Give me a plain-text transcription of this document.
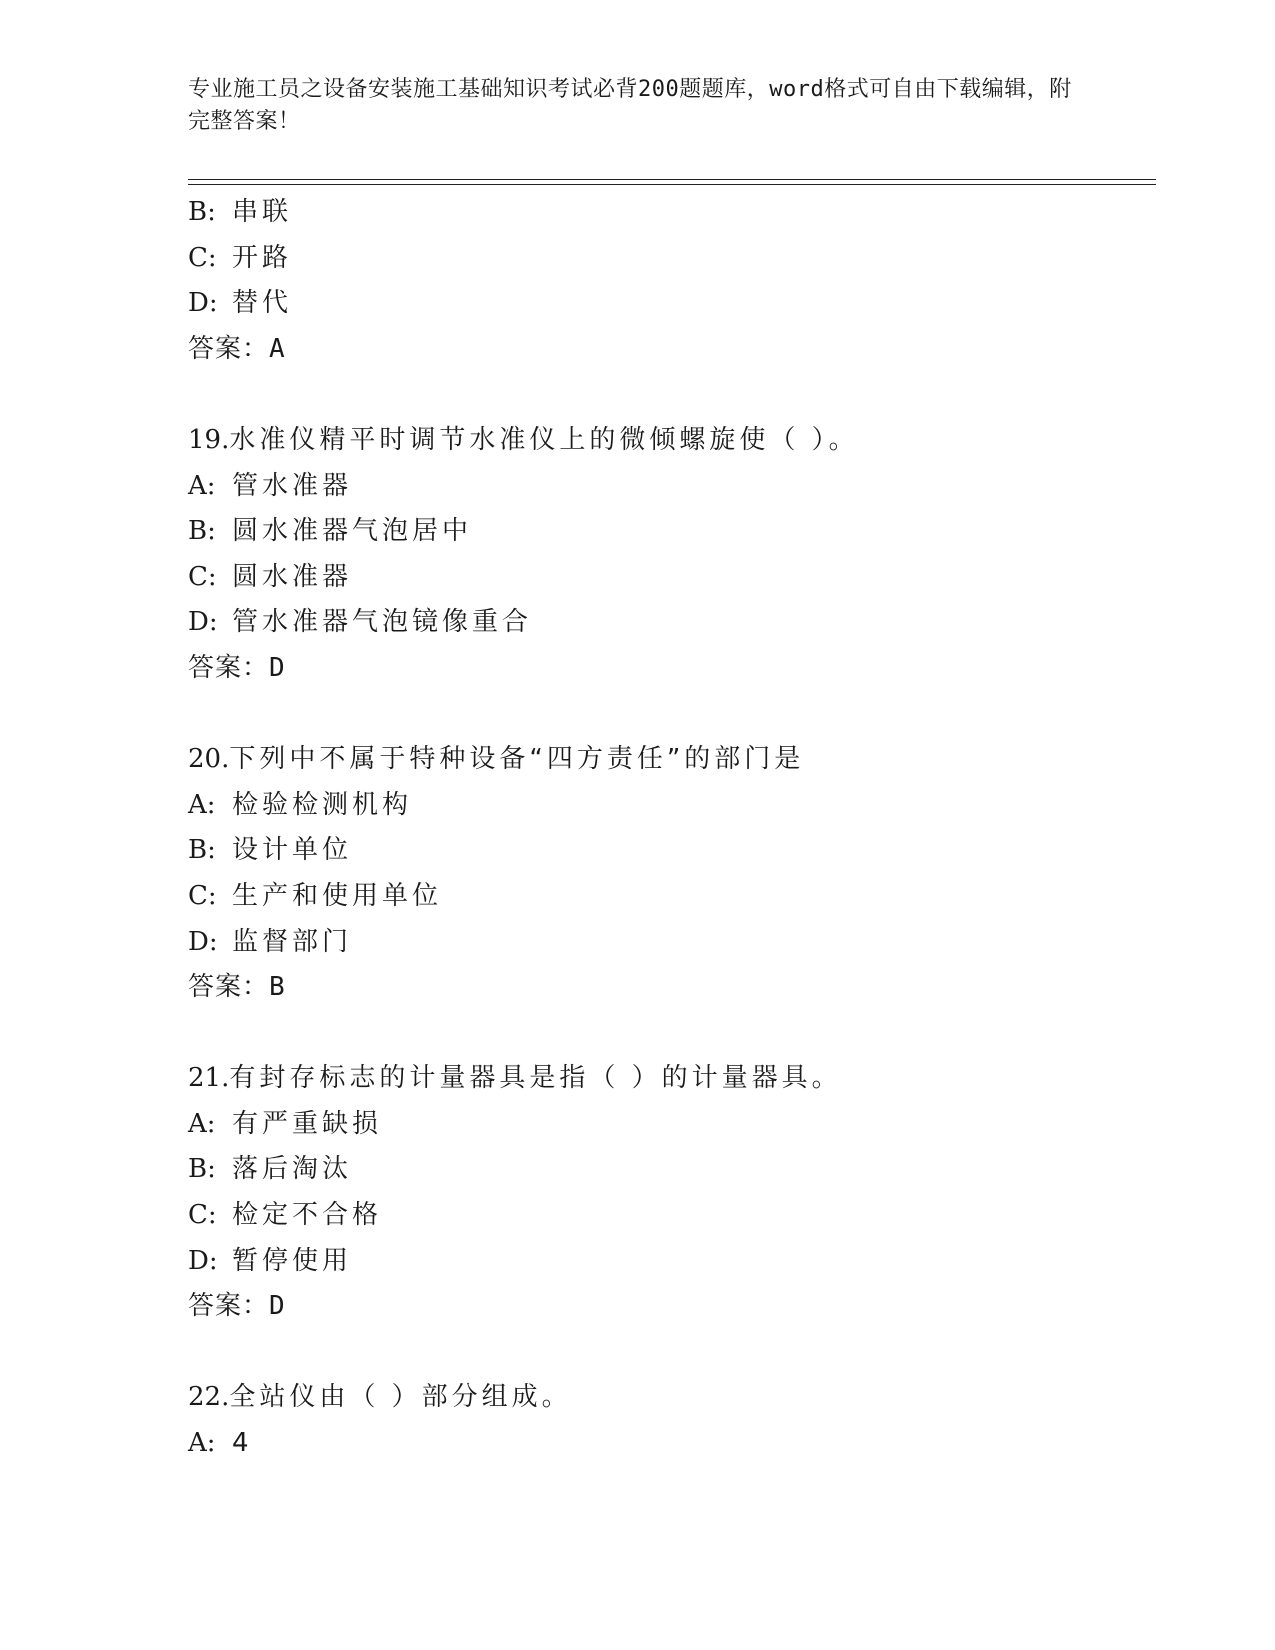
专业施工员之设备安装施工基础知识考试必背200题题库，word格式可自由下载编辑，附完整答案！
B: 串联
C: 开路
D: 替代
答案：A
19.水准仪精平时调节水准仪上的微倾螺旋使（ ）。
A: 管水准器
B: 圆水准器气泡居中
C: 圆水准器
D: 管水准器气泡镜像重合
答案：D
20.下列中不属于特种设备“四方责任”的部门是
A: 检验检测机构
B: 设计单位
C: 生产和使用单位
D: 监督部门
答案：B
21.有封存标志的计量器具是指（ ）的计量器具。
A: 有严重缺损
B: 落后淘汰
C: 检定不合格
D: 暂停使用
答案：D
22.全站仪由（ ）部分组成。
A: 4
